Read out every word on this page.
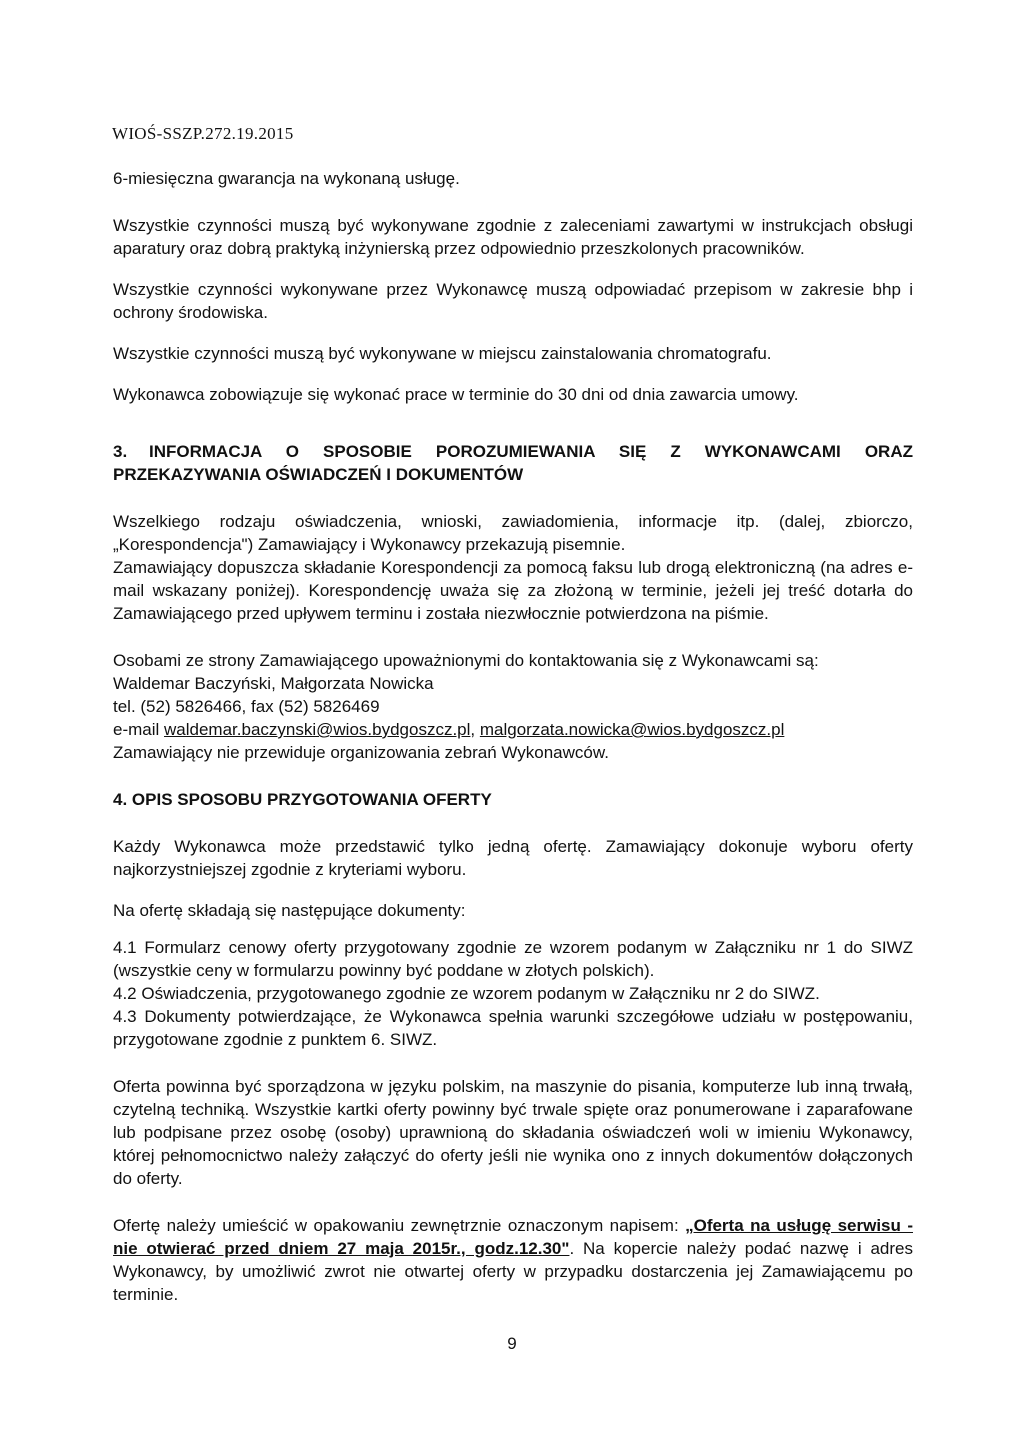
WIOŚ-SSZP.272.19.2015

6-miesięczna gwarancja na wykonaną usługę.

Wszystkie czynności muszą być wykonywane zgodnie z zaleceniami zawartymi w instrukcjach obsługi aparatury oraz dobrą praktyką inżynierską przez odpowiednio przeszkolonych pracowników.

Wszystkie czynności wykonywane przez Wykonawcę muszą odpowiadać przepisom w zakresie bhp i ochrony środowiska.

Wszystkie czynności muszą być wykonywane w miejscu zainstalowania chromatografu.

Wykonawca zobowiązuje się wykonać prace w terminie do 30 dni od dnia zawarcia umowy.

3. INFORMACJA O SPOSOBIE POROZUMIEWANIA SIĘ Z WYKONAWCAMI ORAZ PRZEKAZYWANIA OŚWIADCZEŃ I DOKUMENTÓW

Wszelkiego rodzaju oświadczenia, wnioski, zawiadomienia, informacje itp. (dalej, zbiorczo, „Korespondencja") Zamawiający i Wykonawcy przekazują pisemnie.

Zamawiający dopuszcza składanie Korespondencji za pomocą faksu lub drogą elektroniczną (na adres e-mail wskazany poniżej). Korespondencję uważa się za złożoną w terminie, jeżeli jej treść dotarła do Zamawiającego przed upływem terminu i została niezwłocznie potwierdzona na piśmie.

Osobami ze strony Zamawiającego upoważnionymi do kontaktowania się z Wykonawcami są:

Waldemar Baczyński, Małgorzata Nowicka

tel. (52) 5826466, fax (52) 5826469

e-mail waldemar.baczynski@wios.bydgoszcz.pl, malgorzata.nowicka@wios.bydgoszcz.pl

Zamawiający nie przewiduje organizowania zebrań Wykonawców.

4. OPIS SPOSOBU PRZYGOTOWANIA OFERTY

Każdy Wykonawca może przedstawić tylko jedną ofertę. Zamawiający dokonuje wyboru oferty najkorzystniejszej zgodnie z kryteriami wyboru.

Na ofertę składają się następujące dokumenty:

4.1 Formularz cenowy oferty przygotowany zgodnie ze wzorem podanym w Załączniku nr 1 do SIWZ (wszystkie ceny w formularzu powinny być poddane w złotych polskich).

4.2 Oświadczenia, przygotowanego zgodnie ze wzorem podanym w Załączniku nr 2 do SIWZ.

4.3 Dokumenty potwierdzające, że Wykonawca spełnia warunki szczegółowe udziału w postępowaniu, przygotowane zgodnie z punktem 6. SIWZ.

Oferta powinna być sporządzona w języku polskim, na maszynie do pisania, komputerze lub inną trwałą, czytelną techniką. Wszystkie kartki oferty powinny być trwale spięte oraz ponumerowane i zaparafowane lub podpisane przez osobę (osoby) uprawnioną do składania oświadczeń woli w imieniu Wykonawcy, której pełnomocnictwo należy załączyć do oferty jeśli nie wynika ono z innych dokumentów dołączonych do oferty.

Ofertę należy umieścić w opakowaniu zewnętrznie oznaczonym napisem: „Oferta na usługę serwisu - nie otwierać przed dniem 27 maja 2015r., godz.12.30". Na kopercie należy podać nazwę i adres Wykonawcy, by umożliwić zwrot nie otwartej oferty w przypadku dostarczenia jej Zamawiającemu po terminie.

9
